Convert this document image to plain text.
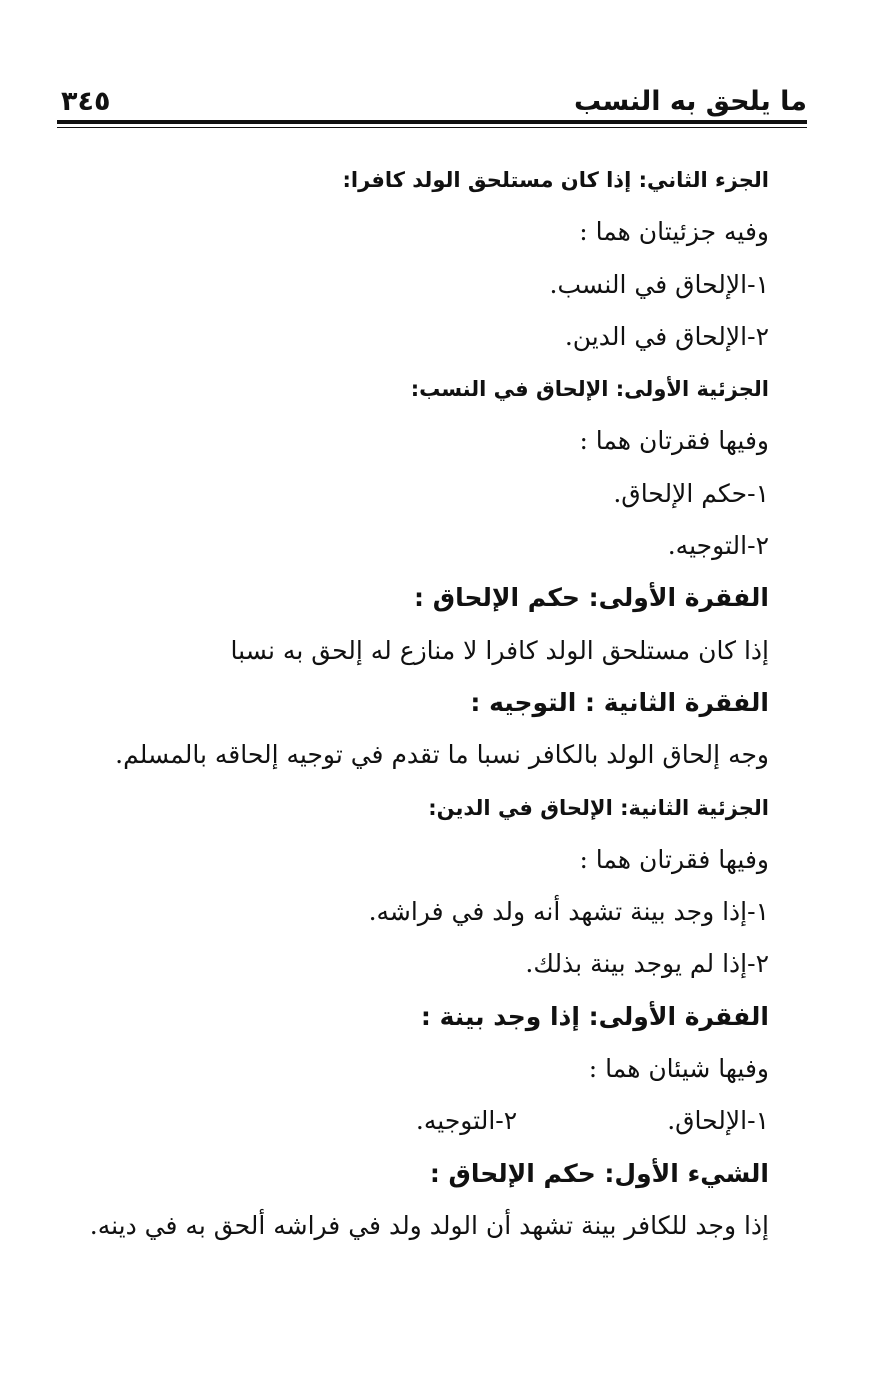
ما يلحق به النسب
٣٤٥
الجزء الثاني: إذا كان مستلحق الولد كافرا:
وفيه جزئيتان هما :
١-الإلحاق في النسب.
٢-الإلحاق في الدين.
الجزئية الأولى: الإلحاق في النسب:
وفيها فقرتان هما :
١-حكم الإلحاق.
٢-التوجيه.
الفقرة الأولى: حكم الإلحاق :
إذا كان مستلحق الولد كافرا لا منازع له إلحق به نسبا
الفقرة الثانية : التوجيه :
وجه إلحاق الولد بالكافر نسبا ما تقدم في توجيه إلحاقه بالمسلم.
الجزئية الثانية: الإلحاق في الدين:
وفيها فقرتان هما :
١-إذا وجد بينة تشهد أنه ولد في فراشه.
٢-إذا لم يوجد بينة بذلك.
الفقرة الأولى: إذا وجد بينة :
وفيها شيئان هما :
١-الإلحاق.
٢-التوجيه.
الشيء الأول: حكم الإلحاق :
إذا وجد للكافر بينة تشهد أن الولد ولد في فراشه ألحق به في دينه.
